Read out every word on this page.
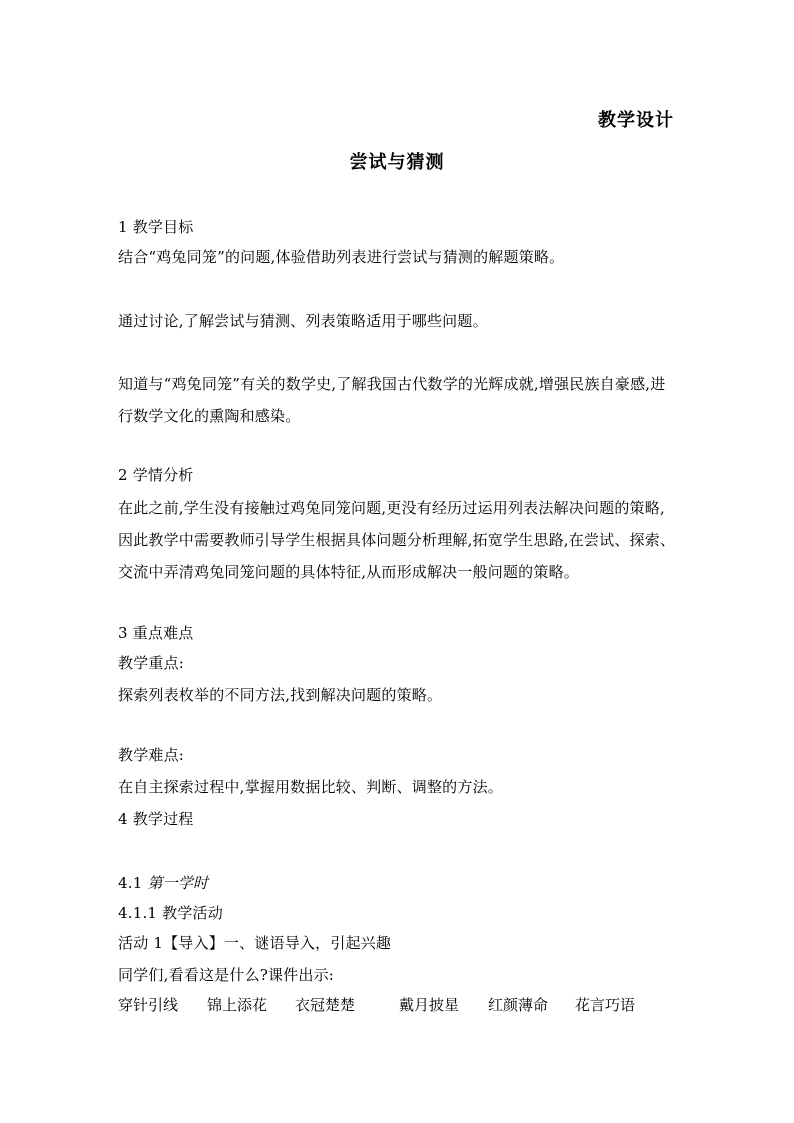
教学设计
尝试与猜测
1 教学目标
结合“鸡兔同笼”的问题,体验借助列表进行尝试与猜测的解题策略。
通过讨论,了解尝试与猜测、列表策略适用于哪些问题。
知道与“鸡兔同笼”有关的数学史,了解我国古代数学的光辉成就,增强民族自豪感,进行数学文化的熏陶和感染。
2 学情分析
在此之前,学生没有接触过鸡兔同笼问题,更没有经历过运用列表法解决问题的策略,因此教学中需要教师引导学生根据具体问题分析理解,拓宽学生思路,在尝试、探索、交流中弄清鸡兔同笼问题的具体特征,从而形成解决一般问题的策略。
3 重点难点
教学重点:
探索列表枚举的不同方法,找到解决问题的策略。
教学难点:
在自主探索过程中,掌握用数据比较、判断、调整的方法。
4 教学过程
4.1 第一学时
4.1.1 教学活动
活动 1【导入】一、谜语导入，引起兴趣
同学们,看看这是什么?课件出示:
穿针引线 锦上添花 衣冠楚楚	戴月披星 红颜薄命 花言巧语
